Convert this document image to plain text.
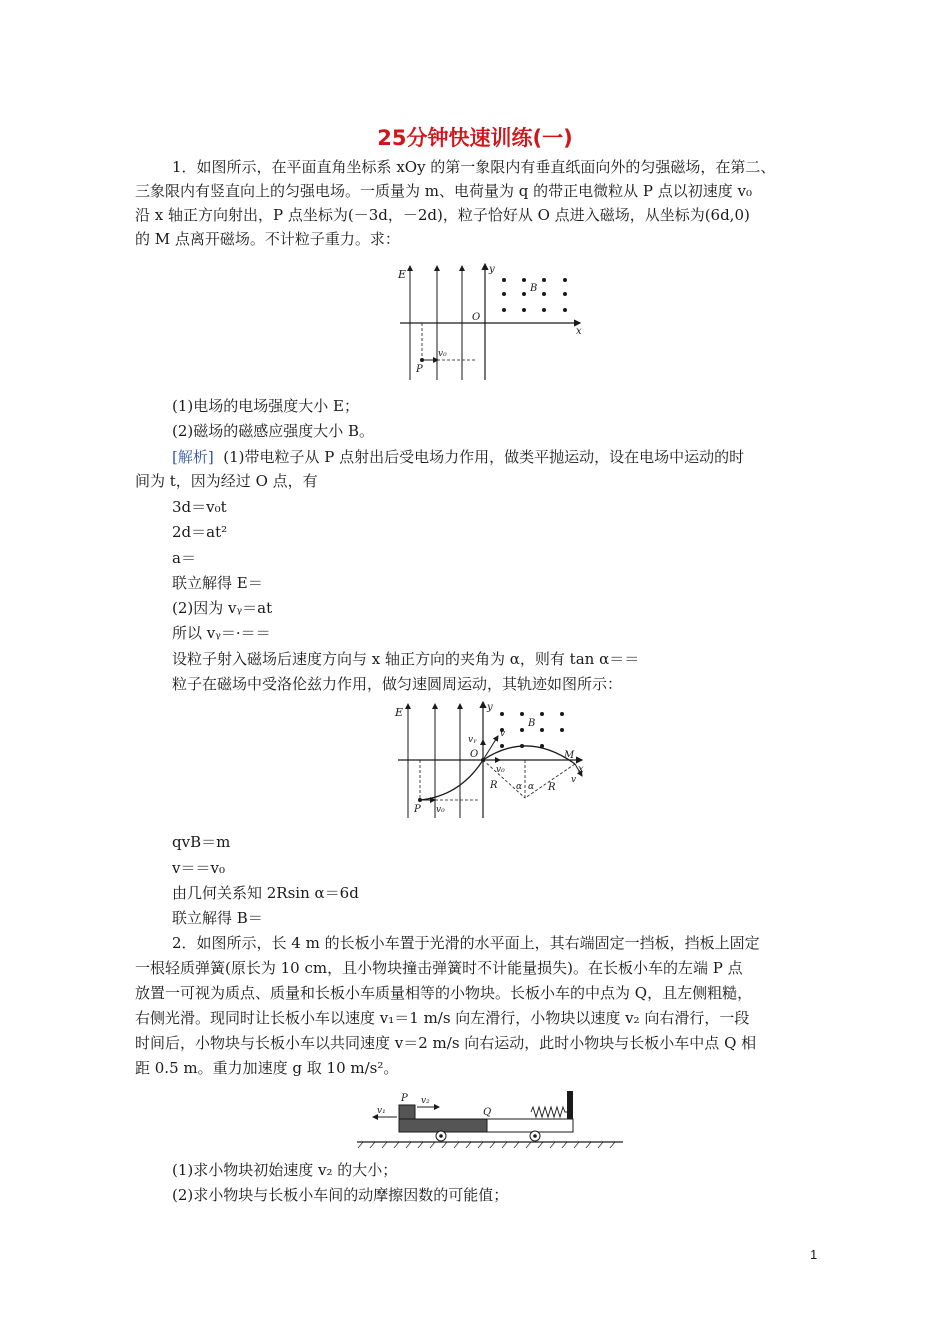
25分钟快速训练(一)
1．如图所示，在平面直角坐标系 xOy 的第一象限内有垂直纸面向外的匀强磁场，在第二、
三象限内有竖直向上的匀强电场。一质量为 m、电荷量为 q 的带正电微粒从 P 点以初速度 v₀
沿 x 轴正方向射出，P 点坐标为(－3d，－2d)，粒子恰好从 O 点进入磁场，从坐标为(6d,0)
的 M 点离开磁场。不计粒子重力。求：
E	y
O
x
B
P
v₀
(1)电场的电场强度大小 E；
(2)磁场的磁感应强度大小 B。
[解析] (1)带电粒子从 P 点射出后受电场力作用，做类平抛运动，设在电场中运动的时
间为 t，因为经过 O 点，有
3d＝v₀t
2d＝at²
a＝
联立解得 E＝
(2)因为 vᵧ＝at
所以 vᵧ＝·＝＝
设粒子射入磁场后速度方向与 x 轴正方向的夹角为 α，则有 tan α＝＝
粒子在磁场中受洛伦兹力作用，做匀速圆周运动，其轨迹如图所示：
E	y
O
x
B
M
P v₀
vᵧ
v
v₀
v
R	R
α α
qvB＝m
v＝＝v₀
由几何关系知 2Rsin α＝6d
联立解得 B＝
2．如图所示，长 4 m 的长板小车置于光滑的水平面上，其右端固定一挡板，挡板上固定
一根轻质弹簧(原长为 10 cm，且小物块撞击弹簧时不计能量损失)。在长板小车的左端 P 点
放置一可视为质点、质量和长板小车质量相等的小物块。长板小车的中点为 Q，且左侧粗糙，
右侧光滑。现同时让长板小车以速度 v₁＝1 m/s 向左滑行，小物块以速度 v₂ 向右滑行，一段
时间后，小物块与长板小车以共同速度 v＝2 m/s 向右运动，此时小物块与长板小车中点 Q 相
距 0.5 m。重力加速度 g 取 10 m/s²。
P
Q
v₁
v₂
(1)求小物块初始速度 v₂ 的大小；
(2)求小物块与长板小车间的动摩擦因数的可能值；
1
